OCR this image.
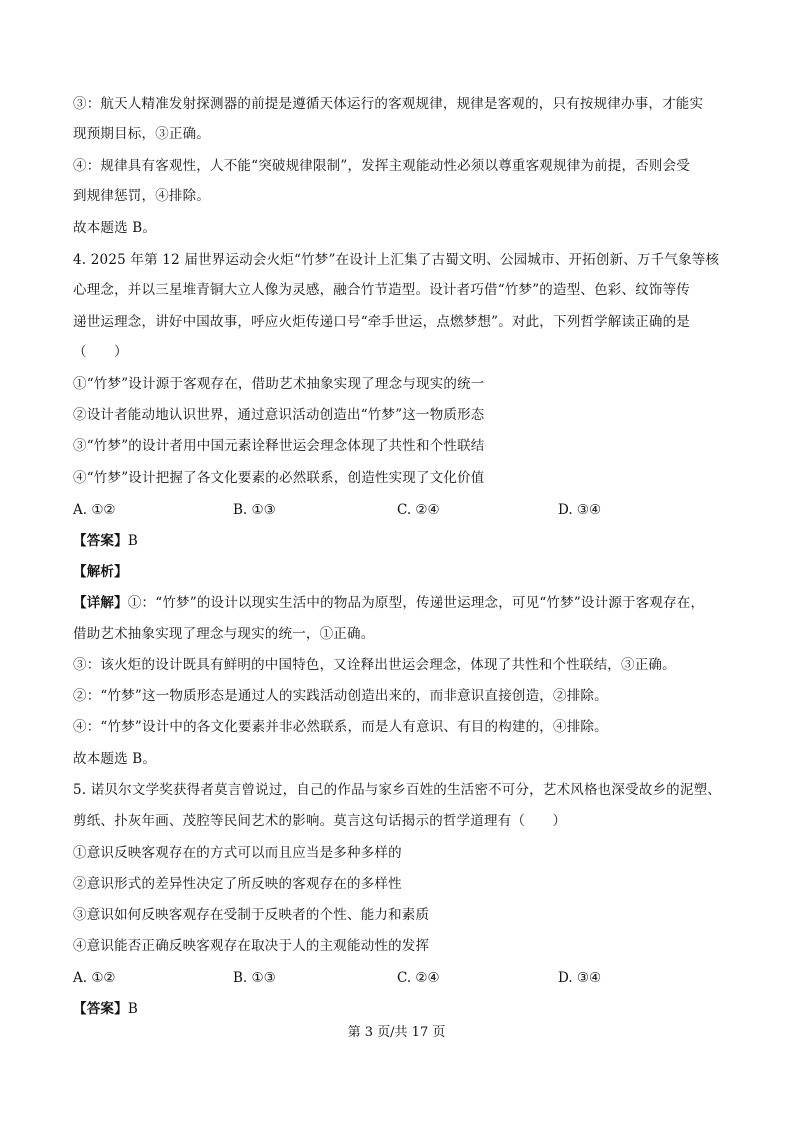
③：航天人精准发射探测器的前提是遵循天体运行的客观规律，规律是客观的，只有按规律办事，才能实
现预期目标，③正确。
④：规律具有客观性，人不能“突破规律限制”，发挥主观能动性必须以尊重客观规律为前提，否则会受
到规律惩罚，④排除。
故本题选 B。
4. 2025 年第 12 届世界运动会火炬“竹梦”在设计上汇集了古蜀文明、公园城市、开拓创新、万千气象等核
心理念，并以三星堆青铜大立人像为灵感，融合竹节造型。设计者巧借“竹梦”的造型、色彩、纹饰等传
递世运理念，讲好中国故事，呼应火炬传递口号“牵手世运，点燃梦想”。对此，下列哲学解读正确的是
（　　）
①“竹梦”设计源于客观存在，借助艺术抽象实现了理念与现实的统一
②设计者能动地认识世界，通过意识活动创造出“竹梦”这一物质形态
③“竹梦”的设计者用中国元素诠释世运会理念体现了共性和个性联结
④“竹梦”设计把握了各文化要素的必然联系，创造性实现了文化价值
A. ①②	B. ①③	C. ②④	D. ③④
【答案】B
【解析】
【详解】①：“竹梦”的设计以现实生活中的物品为原型，传递世运理念，可见“竹梦”设计源于客观存在，
借助艺术抽象实现了理念与现实的统一，①正确。
③：该火炬的设计既具有鲜明的中国特色，又诠释出世运会理念，体现了共性和个性联结，③正确。
②：“竹梦”这一物质形态是通过人的实践活动创造出来的，而非意识直接创造，②排除。
④：“竹梦”设计中的各文化要素并非必然联系，而是人有意识、有目的构建的，④排除。
故本题选 B。
5. 诺贝尔文学奖获得者莫言曾说过，自己的作品与家乡百姓的生活密不可分，艺术风格也深受故乡的泥塑、
剪纸、扑灰年画、茂腔等民间艺术的影响。莫言这句话揭示的哲学道理有（　　）
①意识反映客观存在的方式可以而且应当是多种多样的
②意识形式的差异性决定了所反映的客观存在的多样性
③意识如何反映客观存在受制于反映者的个性、能力和素质
④意识能否正确反映客观存在取决于人的主观能动性的发挥
A. ①②	B. ①③	C. ②④	D. ③④
【答案】B
第 3 页/共 17 页
